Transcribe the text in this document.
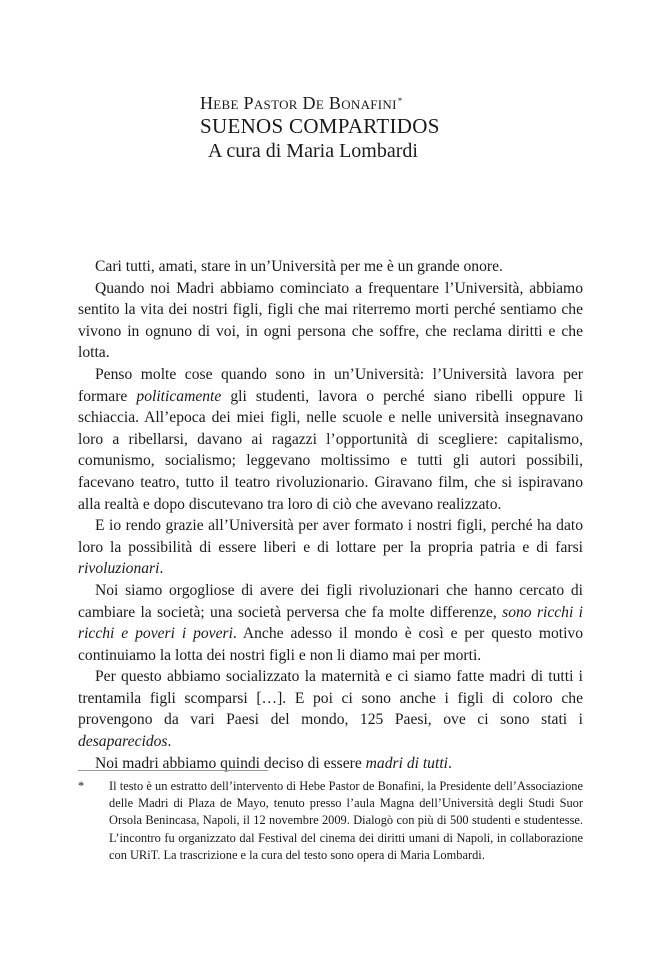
Hebe Pastor De Bonafini*

SUENOS COMPARTIDOS

A cura di Maria Lombardi

Cari tutti, amati, stare in un’Università per me è un grande onore.

Quando noi Madri abbiamo cominciato a frequentare l’Università, abbiamo sentito la vita dei nostri figli, figli che mai riterremo morti perché sentiamo che vivono in ognuno di voi, in ogni persona che soffre, che reclama diritti e che lotta.

Penso molte cose quando sono in un’Università: l’Università lavora per formare politicamente gli studenti, lavora o perché siano ribelli oppure li schiaccia. All’epoca dei miei figli, nelle scuole e nelle università insegnavano loro a ribellarsi, davano ai ragazzi l’opportunità di scegliere: capitalismo, comunismo, socialismo; leggevano moltissimo e tutti gli autori possibili, facevano teatro, tutto il teatro rivoluzionario. Giravano film, che si ispiravano alla realtà e dopo discutevano tra loro di ciò che avevano realizzato.

E io rendo grazie all’Università per aver formato i nostri figli, perché ha dato loro la possibilità di essere liberi e di lottare per la propria patria e di farsi rivoluzionari.

Noi siamo orgogliose di avere dei figli rivoluzionari che hanno cercato di cambiare la società; una società perversa che fa molte differenze, sono ricchi i ricchi e poveri i poveri. Anche adesso il mondo è così e per questo motivo continuiamo la lotta dei nostri figli e non li diamo mai per morti.

Per questo abbiamo socializzato la maternità e ci siamo fatte madri di tutti i trentamila figli scomparsi […]. E poi ci sono anche i figli di coloro che provengono da vari Paesi del mondo, 125 Paesi, ove ci sono stati i desaparecidos.

Noi madri abbiamo quindi deciso di essere madri di tutti.

*	Il testo è un estratto dell’intervento di Hebe Pastor de Bonafini, la Presidente dell’Associazione delle Madri di Plaza de Mayo, tenuto presso l’aula Magna dell’Università degli Studi Suor Orsola Benincasa, Napoli, il 12 novembre 2009. Dialogò con più di 500 studenti e studentesse. L’incontro fu organizzato dal Festival del cinema dei diritti umani di Napoli, in collaborazione con URiT. La trascrizione e la cura del testo sono opera di Maria Lombardi.
